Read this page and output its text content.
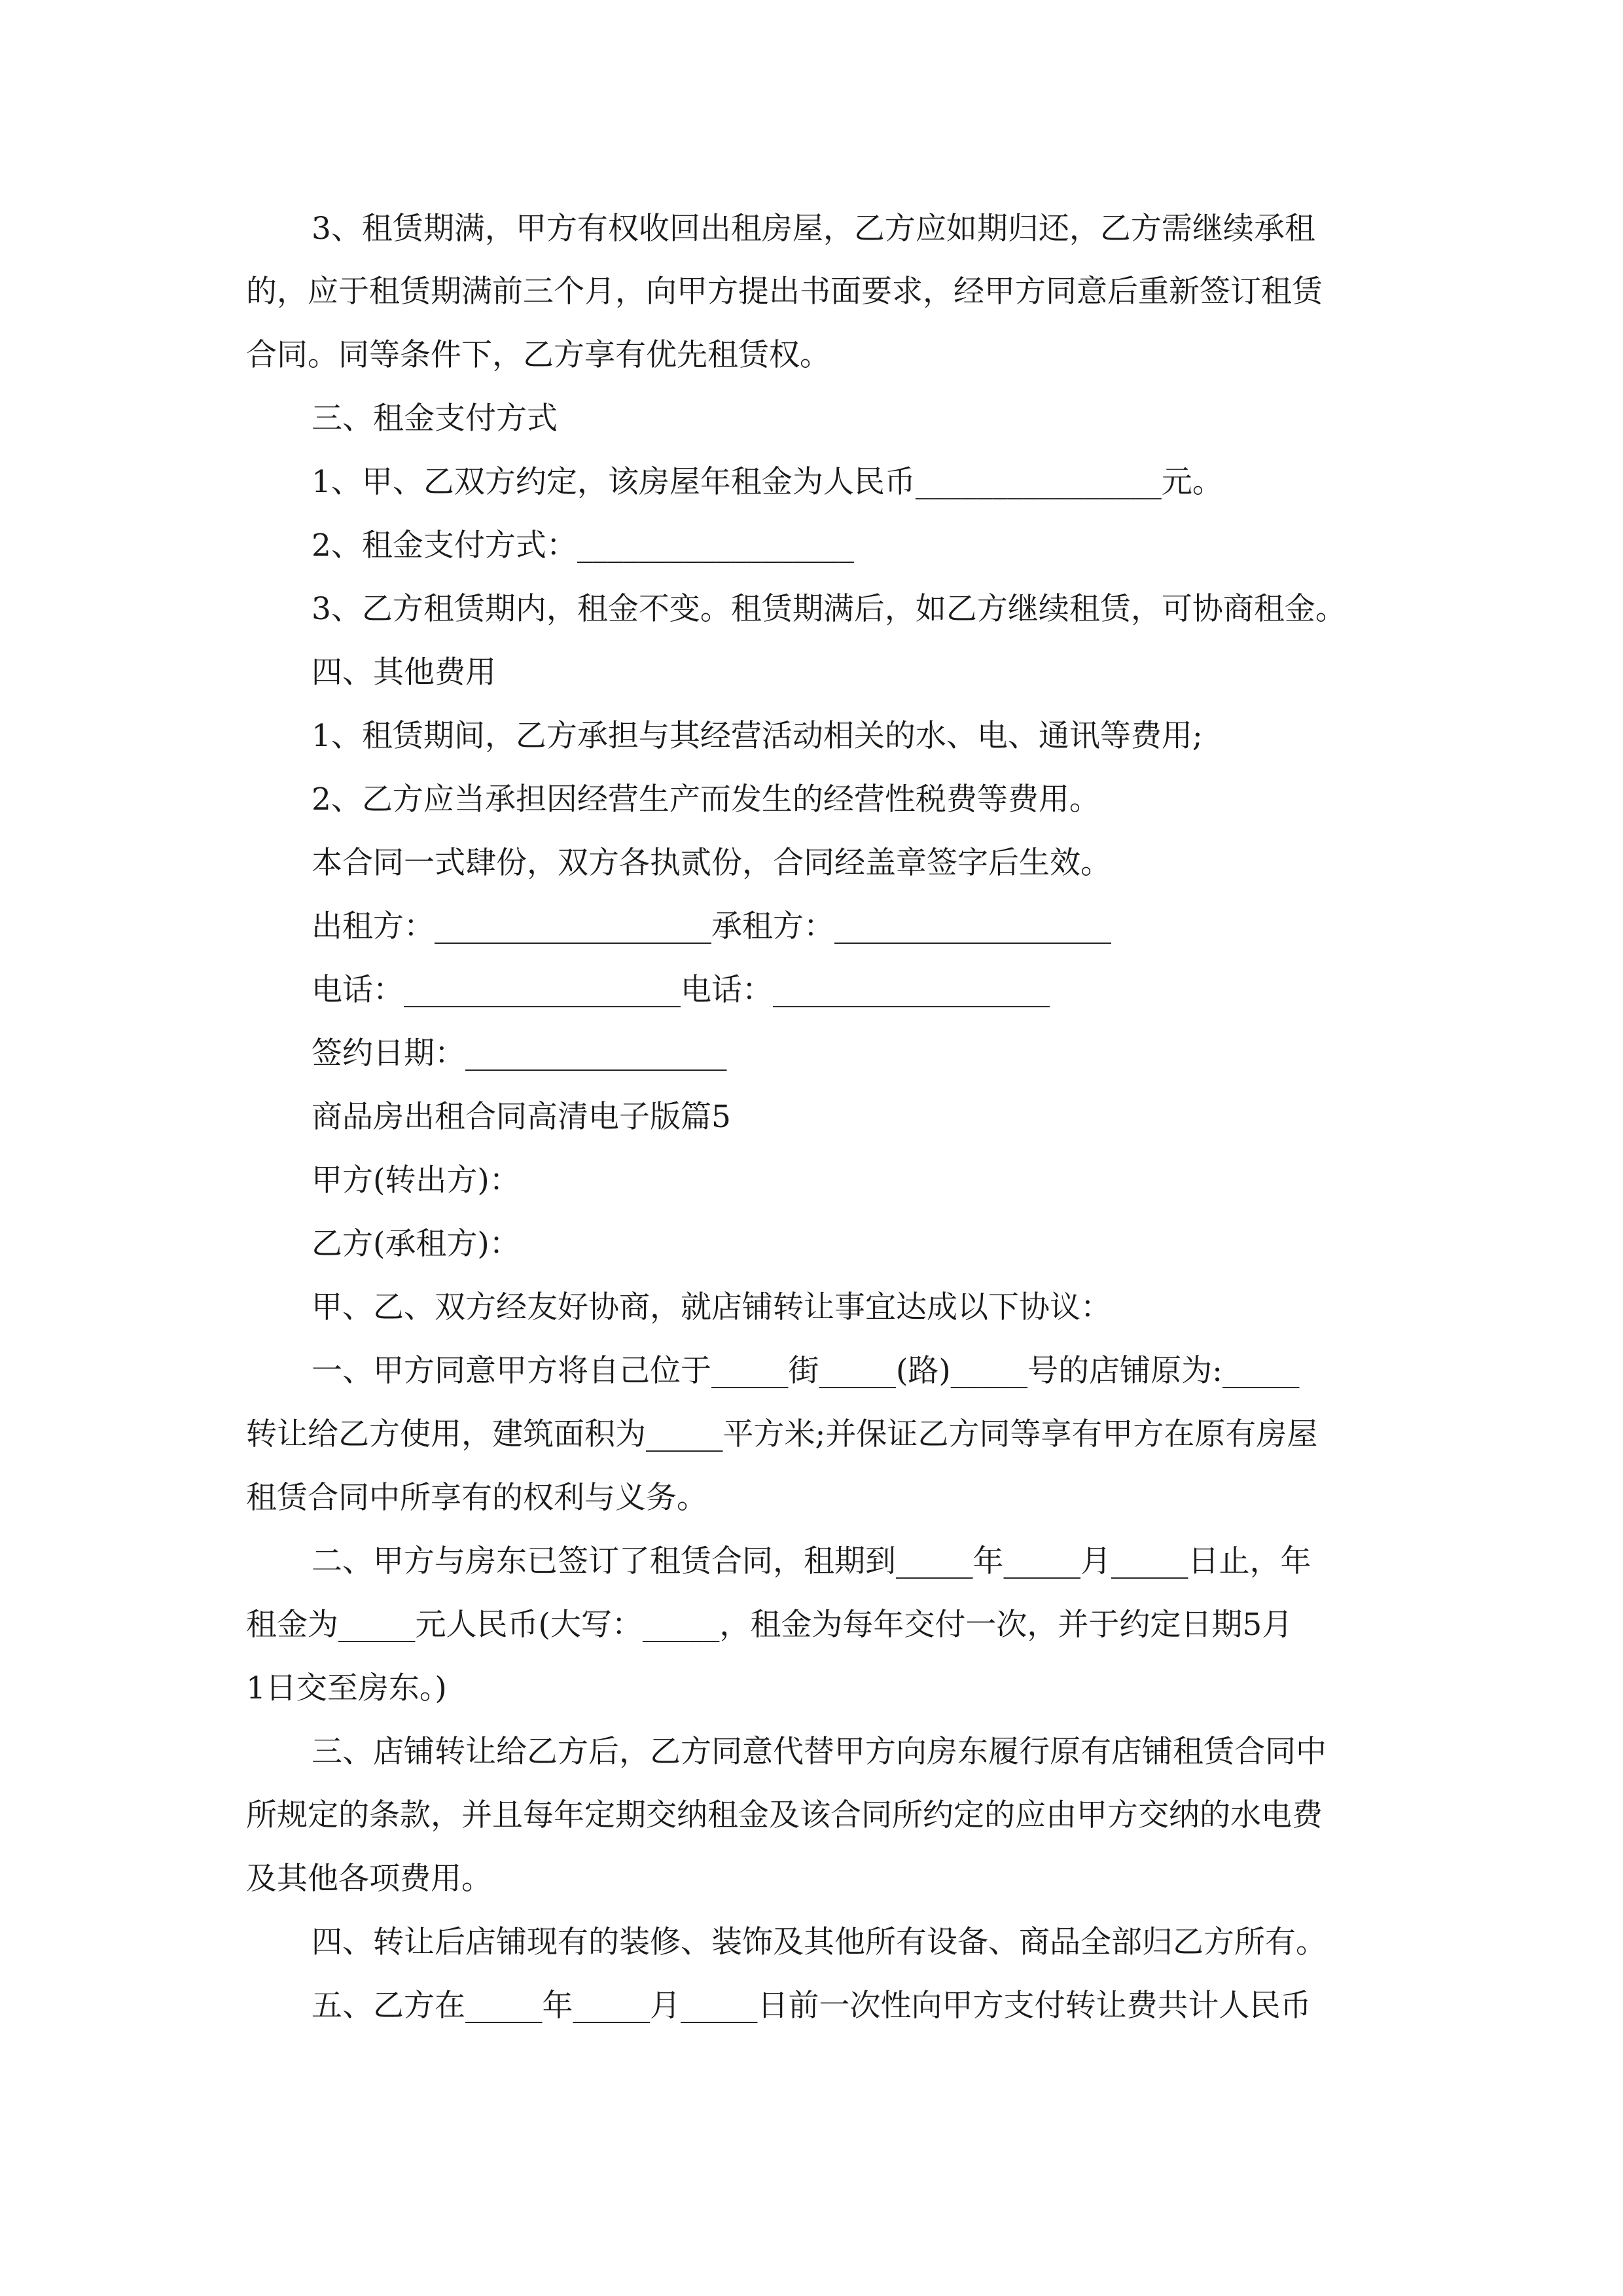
3、租赁期满，甲方有权收回出租房屋，乙方应如期归还，乙方需继续承租
的，应于租赁期满前三个月，向甲方提出书面要求，经甲方同意后重新签订租赁
合同。同等条件下，乙方享有优先租赁权。
三、租金支付方式
1、甲、乙双方约定，该房屋年租金为人民币________________元。
2、租金支付方式：__________________
3、乙方租赁期内，租金不变。租赁期满后，如乙方继续租赁，可协商租金。
四、其他费用
1、租赁期间，乙方承担与其经营活动相关的水、电、通讯等费用;
2、乙方应当承担因经营生产而发生的经营性税费等费用。
本合同一式肆份，双方各执贰份，合同经盖章签字后生效。
出租方：__________________承租方：__________________
电话：__________________电话：__________________
签约日期：_________________
商品房出租合同高清电子版篇5
甲方(转出方)：
乙方(承租方)：
甲、乙、双方经友好协商，就店铺转让事宜达成以下协议：
一、甲方同意甲方将自己位于_____街_____(路)_____号的店铺原为:_____
转让给乙方使用，建筑面积为_____平方米;并保证乙方同等享有甲方在原有房屋
租赁合同中所享有的权利与义务。
二、甲方与房东已签订了租赁合同，租期到_____年_____月_____日止，年
租金为_____元人民币(大写：_____，租金为每年交付一次，并于约定日期5月
1日交至房东。)
三、店铺转让给乙方后，乙方同意代替甲方向房东履行原有店铺租赁合同中
所规定的条款，并且每年定期交纳租金及该合同所约定的应由甲方交纳的水电费
及其他各项费用。
四、转让后店铺现有的装修、装饰及其他所有设备、商品全部归乙方所有。
五、乙方在_____年_____月_____日前一次性向甲方支付转让费共计人民币
